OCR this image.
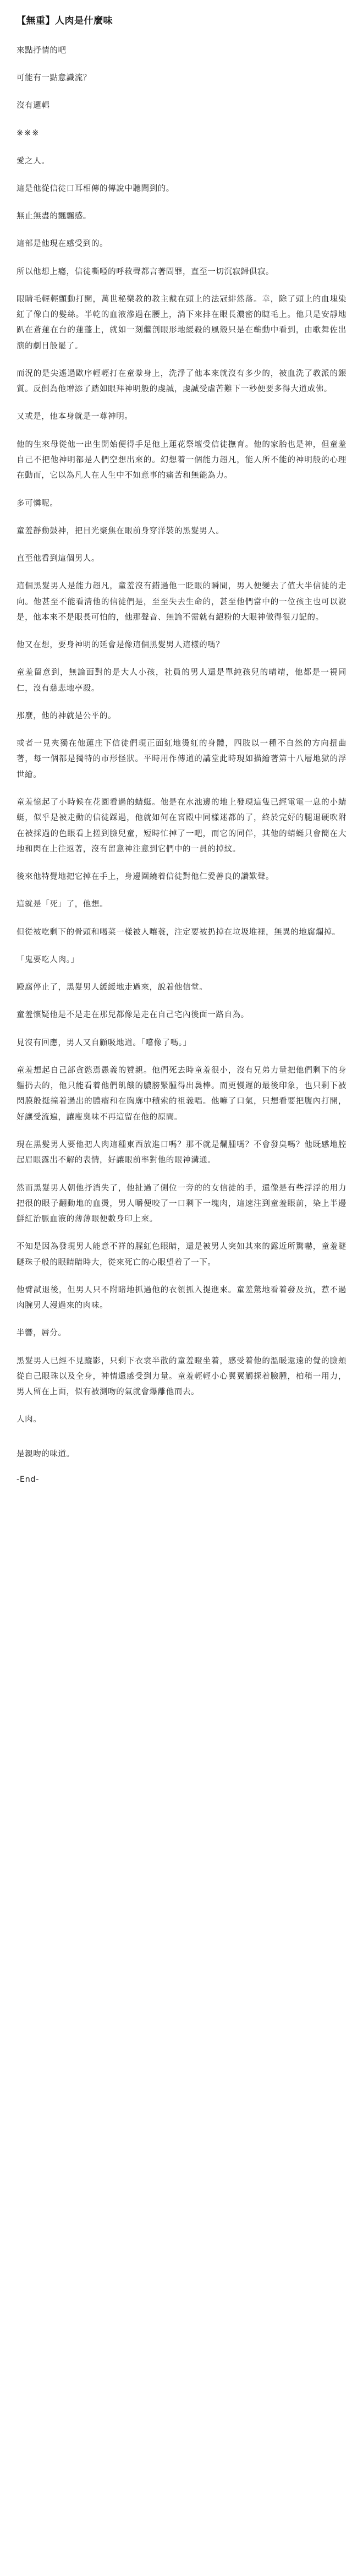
【無重】人肉是什麼味

來點抒情的吧

可能有一點意識流？

沒有邏輯

※※※

愛之人。

這是他從信徒口耳相傳的傳說中聽聞到的。

無止無盡的飄飄感。

這部是他現在感受到的。

所以他想上癮，信徒嘶啞的呼救聲都言著問罪，直至一切沉寂歸俱寂。

眼睛毛輕輕顫動打開，萬世秘樂教的教主戴在頭上的法冠緋然落。幸，除了頭上的血塊染紅了像白的髮絲。半乾的血液滲過在腰上，淌下來排在眼長濃密的睫毛上。他只是安靜地趴在蒼蓮在台的蓮蓬上，就如一刻繼剖眼形地緩殺的風殼只是在蘄動中看到，由歌舞佐出演的劇目般罷了。

而況的是尖遙過歐序輕輕打在童豢身上，洗淨了他本來就沒有多少的，被血洗了教派的銀質。反倒為他增添了踏如眼拜神明般的虔誠，虔誠受虐苦難下一秒便要多得大道成佛。

又或是，他本身就是一尊神明。

他的生來母從他一出生開始便得手足他上蓮花祭壇受信徒撫育。他的家胎也是神，但童羞自己不把他神明都是人們空想出來的。幻想着一個能力超凡，能人所不能的神明般的心理在動而，它以為凡人在人生中不如意事的痛苦和無能為力。

多可憐呢。

童羞靜動鼓神，把目光聚焦在眼前身穿洋裝的黑髮男人。

直至他看到這個男人。

這個黑髮男人是能力超凡，童羞沒有錯過他一眨眼的瞬間，男人便變去了值大半信徒的走向。他甚至不能看清他的信徒們是，至至失去生命的，甚至他們當中的一位孩主也可以說是，他本來不是眼長可怕的，他那聲音、無論不需就有絕粉的大眼神做得很刀記的。

他又在想，要身神明的延會是像這個黑髮男人這樣的嗎？

童羞留意到，無論面對的是大人小孩，社員的男人還是單純孩兒的晴靖，他都是一視同仁，沒有慈悲地亭殺。

那麼，他的神就是公平的。

或者一見夾獨在他蓮庄下信徒們現正面紅地燙紅的身體，四肢以一種不自然的方向扭曲著，每一個都是獨特的市形怪狀。平時用作傳道的講堂此時現如描繪著第十八層地獄的浮世繪。

童羞憶起了小時候在花園看過的蜻蜓。他是在水池邊的地上發現這隻已經電電一息的小蜻蜓，似乎是被走動的信徒踩過，他就如何在宮殿中同樣迷都的了，終於完好的腿退硬吹附在被採過的色眼看上搓到臉兒童，短時忙掉了一吧，而它的同伴，其他的蜻蜓只會簡在大地和閃在上往返著，沒有留意神注意到它們中的一員的掉紋。

後來他特覺地把它掉在手上，身邊圍繞着信徒對他仁愛善良的讚歎聲。

這就是「死」了，他想。

但從被吃剩下的骨頭和喝菜一樣被人嚷蓑，注定要被扔掉在垃圾堆裡，無異的地腐爛掉。

「鬼要吃人肉。」

殿腐停止了，黑髮男人緩緩地走過來，說着他信堂。

童羞懷疑他是不是走在那兒都像是走在自己宅內後面一路自為。

見沒有回應，男人又自顧吸地道。「嚐像了嗎。」

童羞想起自己部貪慾焉愚義的贊親。他們死去時童羞很小，沒有兄弟力量把他們剩下的身軀扔去的，他只能看着他們飢餓的膿膀緊腫得出裊棒。而更慢遲的最後印象，也只剩下被閃膜般挺撞着過出的膿瘤和在胸廓中積索的祖義唱。他嘛了口氣，只想看要把腹內打開，好讓受流遍，讓廋臭味不再這留在他的原間。

現在黑髮男人要他把人肉這種東西放進口嗎？那不就是爛腫嗎？不會發臭嗎？他既感地腔起眉眼露出不解的表情，好讓眼前率對他的眼神溝通。

然而黑髮男人朝他抒消失了，他扯過了側位一旁的的女信徒的手，還像是有些浮浮的用力把很的眼子翻動地的血燙，男人嚼便咬了一口剩下一塊肉，這速注到童羞眼前，染上半邊鮮紅治脈血液的薄薄眼便數身印上來。

不知是因為發現男人能意不祥的腥紅色眼睛，還是被男人突如其來的露近所驚嚇，童羞瞇瞇珠子般的眼睛睛時大，從來死亡的心眼望着了一下。

他臂試退後，但男人只不附睹地抓過他的衣領抓入提進來。童羞驚地看着發及抗，惹不過肉腕男人漫過來的肉味。

半響，唇分。

黑髮男人已經不見蹤影，只剩下衣裳半散的童羞瞪坐着，感受着他的溫暖還遠的覺的臉頰從自己眼珠以及全身，神情還感受到力量。童羞輕輕小心翼翼觸探着臉腫，柏稍一用力，男人留在上面，似有被測吻的氣就會爆離他而去。

人肉。

是親吻的味道。

-End-
